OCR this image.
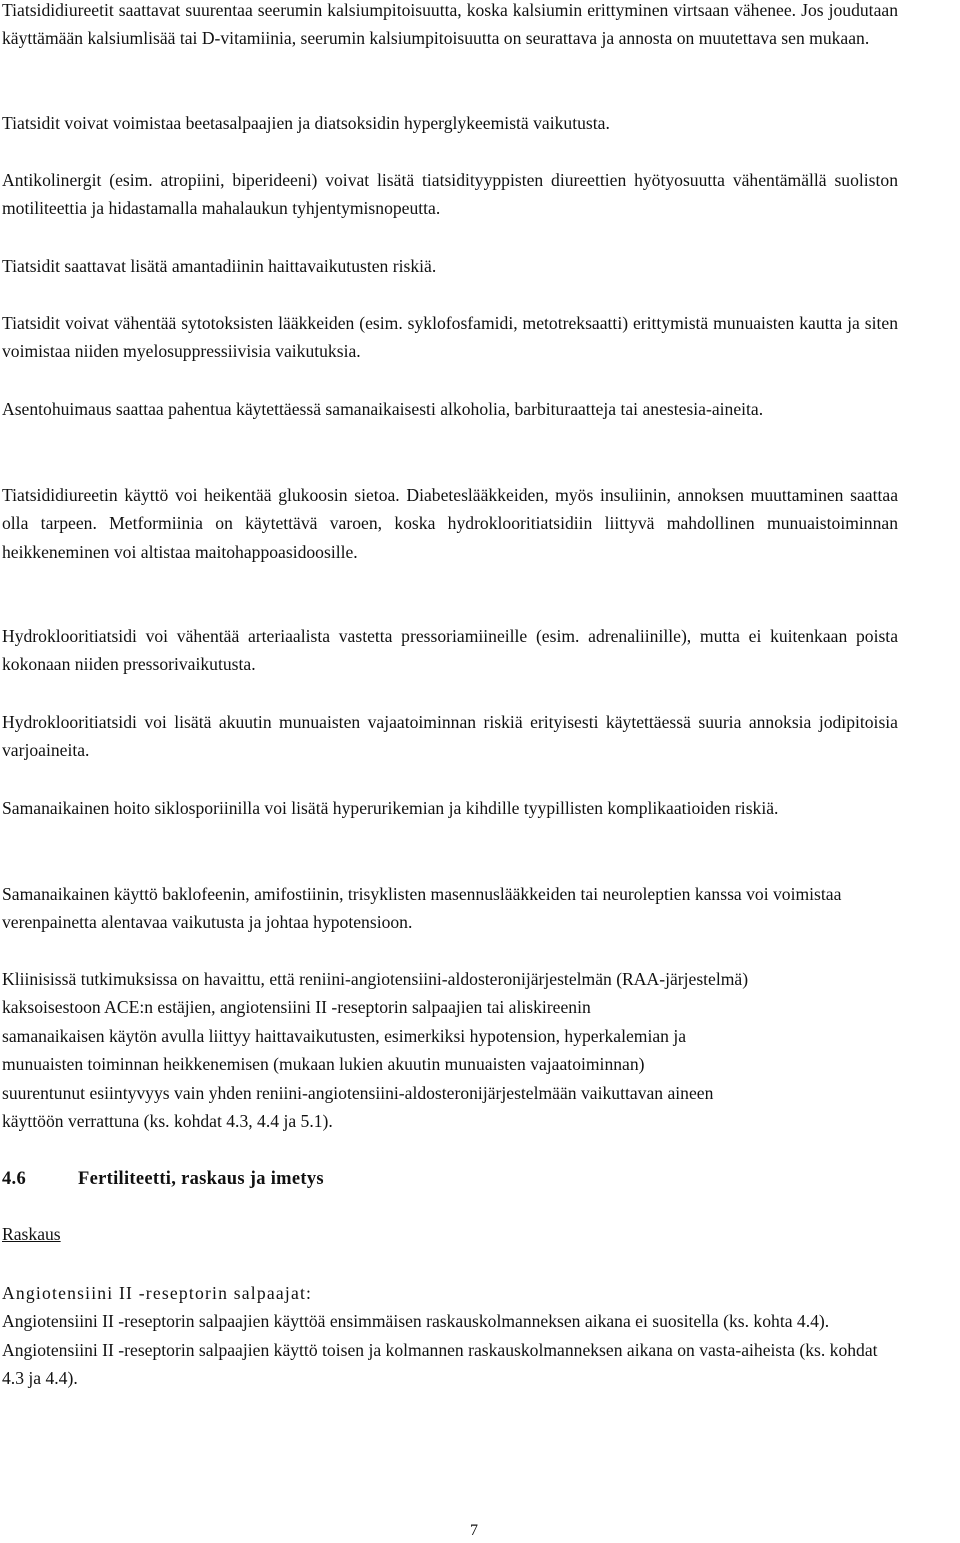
Tiatsididiureetit saattavat suurentaa seerumin kalsiumpitoisuutta, koska kalsiumin erittyminen virtsaan vähenee. Jos joudutaan käyttämään kalsiumlisää tai D-vitamiinia, seerumin kalsiumpitoisuutta on seurattava ja annosta on muutettava sen mukaan.

Tiatsidit voivat voimistaa beetasalpaajien ja diatsoksidin hyperglykeemistä vaikutusta.

Antikolinergit (esim. atropiini, biperideeni) voivat lisätä tiatsidityyppisten diureettien hyötyosuutta vähentämällä suoliston motiliteettia ja hidastamalla mahalaukun tyhjentymisnopeutta.

Tiatsidit saattavat lisätä amantadiinin haittavaikutusten riskiä.

Tiatsidit voivat vähentää sytotoksisten lääkkeiden (esim. syklofosfamidi, metotreksaatti) erittymistä munuaisten kautta ja siten voimistaa niiden myelosuppressiivisia vaikutuksia.

Asentohuimaus saattaa pahentua käytettäessä samanaikaisesti alkoholia, barbituraatteja tai anestesia-aineita.

Tiatsididiureetin käyttö voi heikentää glukoosin sietoa. Diabeteslääkkeiden, myös insuliinin, annoksen muuttaminen saattaa olla tarpeen. Metformiinia on käytettävä varoen, koska hydroklooritiatsidiin liittyvä mahdollinen munuaistoiminnan heikkeneminen voi altistaa maitohappoasidoosille.

Hydroklooritiatsidi voi vähentää arteriaalista vastetta pressoriamiineille (esim. adrenaliinille), mutta ei kuitenkaan poista kokonaan niiden pressorivaikutusta.

Hydroklooritiatsidi voi lisätä akuutin munuaisten vajaatoiminnan riskiä erityisesti käytettäessä suuria annoksia jodipitoisia varjoaineita.

Samanaikainen hoito siklosporiinilla voi lisätä hyperurikemian ja kihdille tyypillisten komplikaatioiden riskiä.

Samanaikainen käyttö baklofeenin, amifostiinin, trisyklisten masennuslääkkeiden tai neuroleptien kanssa voi voimistaa verenpainetta alentavaa vaikutusta ja johtaa hypotensioon.

Kliinisissä tutkimuksissa on havaittu, että reniini-angiotensiini-aldosteronijärjestelmän (RAA-järjestelmä)
kaksoisestoon ACE:n estäjien, angiotensiini II -reseptorin salpaajien tai aliskireenin
samanaikaisen käytön avulla liittyy haittavaikutusten, esimerkiksi hypotension, hyperkalemian ja
munuaisten toiminnan heikkenemisen (mukaan lukien akuutin munuaisten vajaatoiminnan)
suurentunut esiintyvyys vain yhden reniini-angiotensiini-aldosteronijärjestelmään vaikuttavan aineen
käyttöön verrattuna (ks. kohdat 4.3, 4.4 ja 5.1).

4.6	Fertiliteetti, raskaus ja imetys
Raskaus

Angiotensiini II -reseptorin salpaajat:
Angiotensiini II -reseptorin salpaajien käyttöä ensimmäisen raskauskolmanneksen aikana ei suositella (ks. kohta 4.4). Angiotensiini II -reseptorin salpaajien käyttö toisen ja kolmannen raskauskolmanneksen aikana on vasta-aiheista (ks. kohdat 4.3 ja 4.4).

7
